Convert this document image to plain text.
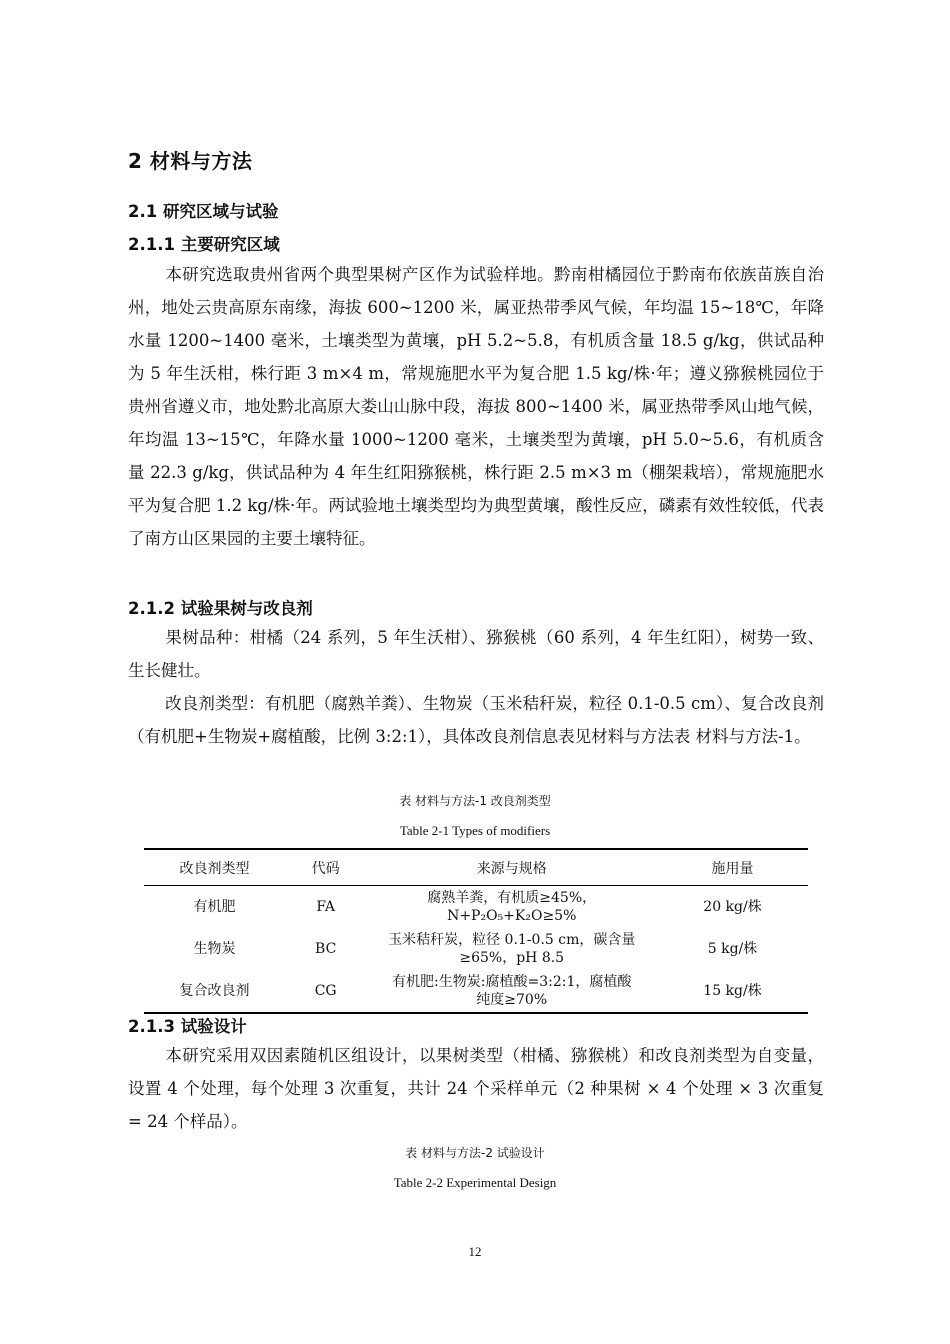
2 材料与方法
2.1 研究区域与试验
2.1.1 主要研究区域
本研究选取贵州省两个典型果树产区作为试验样地。黔南柑橘园位于黔南布依族苗族自治州，地处云贵高原东南缘，海拔 600~1200 米，属亚热带季风气候，年均温 15~18℃，年降水量 1200~1400 毫米，土壤类型为黄壤，pH 5.2~5.8，有机质含量 18.5 g/kg，供试品种为 5 年生沃柑，株行距 3 m×4 m，常规施肥水平为复合肥 1.5 kg/株·年；遵义猕猴桃园位于贵州省遵义市，地处黔北高原大娄山山脉中段，海拔 800~1400 米，属亚热带季风山地气候，年均温 13~15℃，年降水量 1000~1200 毫米，土壤类型为黄壤，pH 5.0~5.6，有机质含量 22.3 g/kg，供试品种为 4 年生红阳猕猴桃，株行距 2.5 m×3 m（棚架栽培），常规施肥水平为复合肥 1.2 kg/株·年。两试验地土壤类型均为典型黄壤，酸性反应，磷素有效性较低，代表了南方山区果园的主要土壤特征。
2.1.2 试验果树与改良剂
果树品种：柑橘（24 系列，5 年生沃柑）、猕猴桃（60 系列，4 年生红阳），树势一致、生长健壮。
改良剂类型：有机肥（腐熟羊粪）、生物炭（玉米秸秆炭，粒径 0.1-0.5 cm）、复合改良剂（有机肥+生物炭+腐植酸，比例 3:2:1），具体改良剂信息表见材料与方法表 材料与方法-1。
表 材料与方法-1 改良剂类型
Table 2-1 Types of modifiers
改良剂类型	代码	来源与规格	施用量
有机肥	FA	腐熟羊粪，有机质≥45%，
N+P₂O₅+K₂O≥5%	20 kg/株
生物炭	BC	玉米秸秆炭，粒径 0.1-0.5 cm，碳含量
≥65%，pH 8.5	5 kg/株
复合改良剂	CG	有机肥:生物炭:腐植酸=3:2:1，腐植酸
纯度≥70%	15 kg/株
2.1.3 试验设计
本研究采用双因素随机区组设计，以果树类型（柑橘、猕猴桃）和改良剂类型为自变量，设置 4 个处理，每个处理 3 次重复，共计 24 个采样单元（2 种果树 × 4 个处理 × 3 次重复 = 24 个样品）。
表 材料与方法-2 试验设计
Table 2-2 Experimental Design
12
